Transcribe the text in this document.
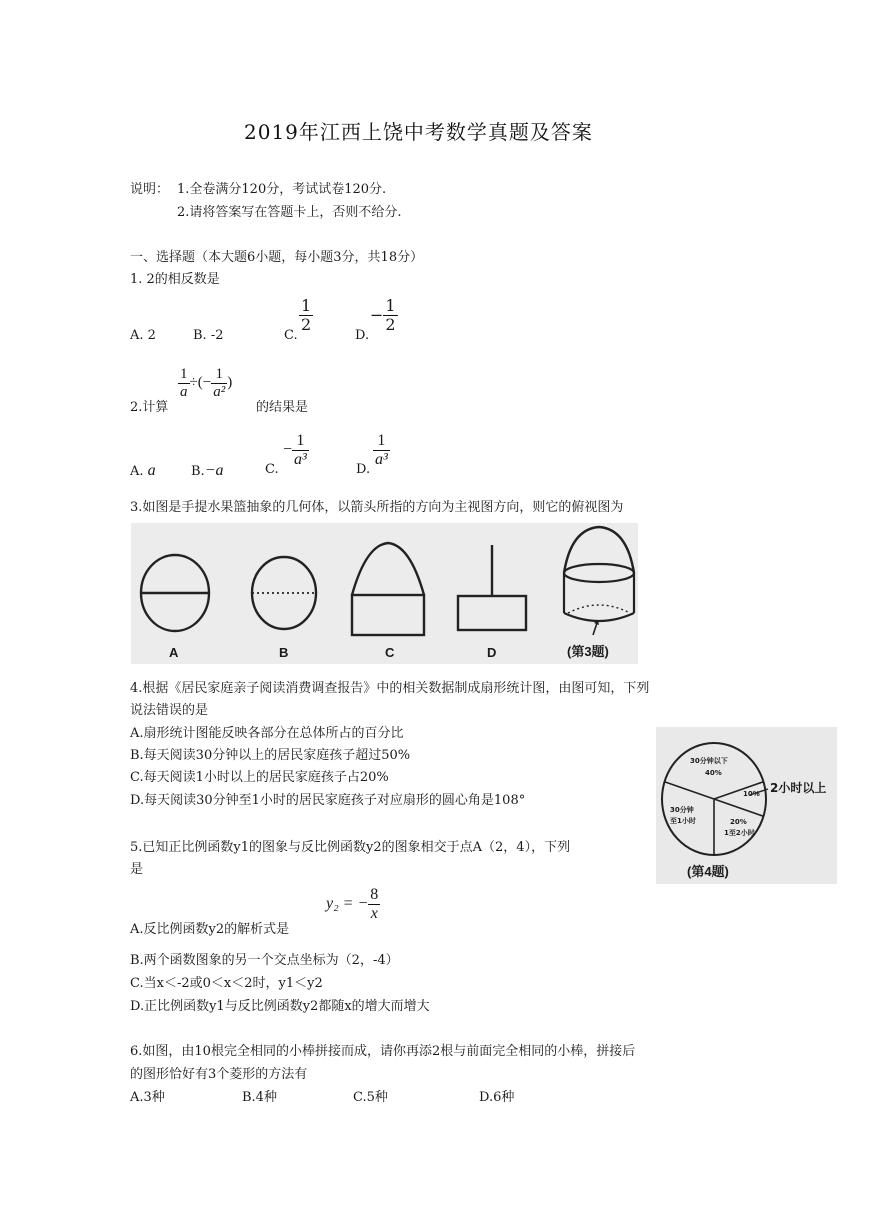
2019年江西上饶中考数学真题及答案
说明： 1.全卷满分120分，考试试卷120分.
2.请将答案写在答题卡上，否则不给分.
一、选择题（本大题6小题，每小题3分，共18分）
1. 2的相反数是
A. 2	B. -2	C.
$\frac{1}{2}$
D.
− $\frac{1}{2}$
2.计算
$\frac{1}{a}$ ÷(− $\frac{1}{\text{a²}}$ )
的结果是
A. a	B.−a	C.
− $\frac{1}{\text{a³}}$
D.
$\frac{1}{\text{a³}}$
3.如图是手提水果篮抽象的几何体，以箭头所指的方向为主视图方向，则它的俯视图为
A	B	C	D	(第3题)
4.根据《居民家庭亲子阅读消费调查报告》中的相关数据制成扇形统计图，由图可知，下列
说法错误的是
A.扇形统计图能反映各部分在总体所占的百分比
B.每天阅读30分钟以上的居民家庭孩子超过50%
C.每天阅读1小时以上的居民家庭孩子占20%
D.每天阅读30分钟至1小时的居民家庭孩子对应扇形的圆心角是108°
30分钟以下
40%
10% 2小时以上
20%
1至2小时
30分钟
至1小时
(第4题)
5.已知正比例函数y1的图象与反比例函数y2的图象相交于点A（2，4），下列
是
A.反比例函数y2的解析式是
y₂ = − $\frac{8}{x}$
B.两个函数图象的另一个交点坐标为（2，-4）
C.当x＜-2或0＜x＜2时，y1＜y2
D.正比例函数y1与反比例函数y2都随x的增大而增大
6.如图，由10根完全相同的小棒拼接而成，请你再添2根与前面完全相同的小棒，拼接后
的图形恰好有3个菱形的方法有
A.3种	B.4种	C.5种	D.6种
